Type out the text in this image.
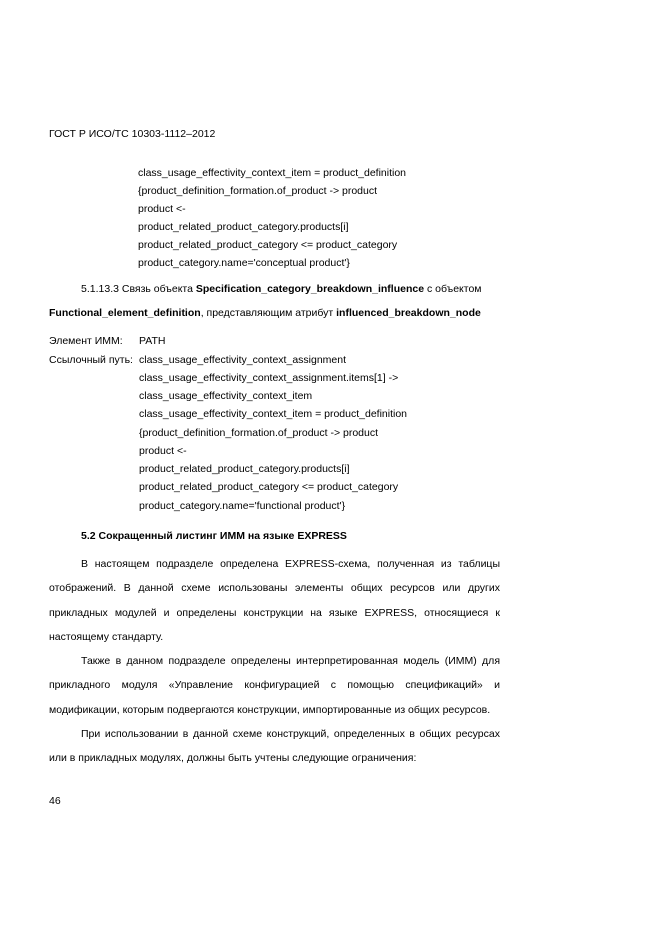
ГОСТ Р ИСО/ТС 10303-1112–2012
class_usage_effectivity_context_item = product_definition
{product_definition_formation.of_product -> product
product <-
product_related_product_category.products[i]
product_related_product_category <= product_category
product_category.name='conceptual product'}
5.1.13.3 Связь объекта Specification_category_breakdown_influence с объектом
Functional_element_definition, представляющим атрибут influenced_breakdown_node
Элемент ИММ: PATH
Ссылочный путь: class_usage_effectivity_context_assignment
class_usage_effectivity_context_assignment.items[1] ->
class_usage_effectivity_context_item
class_usage_effectivity_context_item = product_definition
{product_definition_formation.of_product -> product
product <-
product_related_product_category.products[i]
product_related_product_category <= product_category
product_category.name='functional product'}
5.2 Сокращенный листинг ИММ на языке EXPRESS
В настоящем подразделе определена EXPRESS-схема, полученная из таблицы отображений. В данной схеме использованы элементы общих ресурсов или других прикладных модулей и определены конструкции на языке EXPRESS, относящиеся к настоящему стандарту.
Также в данном подразделе определены интерпретированная модель (ИММ) для прикладного модуля «Управление конфигурацией с помощью спецификаций» и модификации, которым подвергаются конструкции, импортированные из общих ресурсов.
При использовании в данной схеме конструкций, определенных в общих ресурсах или в прикладных модулях, должны быть учтены следующие ограничения:
46
